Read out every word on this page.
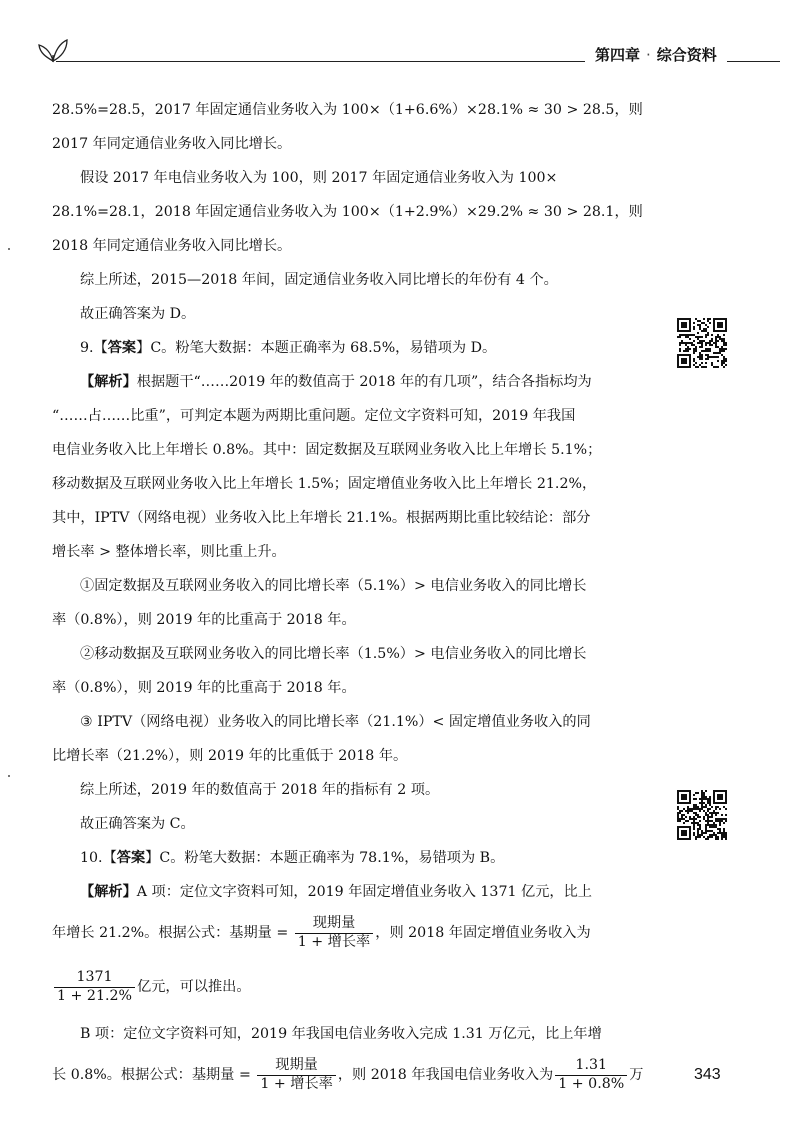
第四章 · 综合资料
28.5%=28.5，2017 年固定通信业务收入为 100×（1+6.6%）×28.1% ≈ 30 > 28.5，则
2017 年同定通信业务收入同比增长。
假设 2017 年电信业务收入为 100，则 2017 年固定通信业务收入为 100×
28.1%=28.1，2018 年固定通信业务收入为 100×（1+2.9%）×29.2% ≈ 30 > 28.1，则
2018 年同定通信业务收入同比增长。
综上所述，2015—2018 年间，固定通信业务收入同比增长的年份有 4 个。
故正确答案为 D。
9.【答案】C。粉笔大数据：本题正确率为 68.5%，易错项为 D。
【解析】根据题干“……2019 年的数值高于 2018 年的有几项”，结合各指标均为
“……占……比重”，可判定本题为两期比重问题。定位文字资料可知，2019 年我国
电信业务收入比上年增长 0.8%。其中：固定数据及互联网业务收入比上年增长 5.1%；
移动数据及互联网业务收入比上年增长 1.5%；固定增值业务收入比上年增长 21.2%，
其中，IPTV（网络电视）业务收入比上年增长 21.1%。根据两期比重比较结论：部分
增长率 > 整体增长率，则比重上升。
①固定数据及互联网业务收入的同比增长率（5.1%）> 电信业务收入的同比增长
率（0.8%），则 2019 年的比重高于 2018 年。
②移动数据及互联网业务收入的同比增长率（1.5%）> 电信业务收入的同比增长
率（0.8%），则 2019 年的比重高于 2018 年。
③ IPTV（网络电视）业务收入的同比增长率（21.1%）< 固定增值业务收入的同
比增长率（21.2%），则 2019 年的比重低于 2018 年。
综上所述，2019 年的数值高于 2018 年的指标有 2 项。
故正确答案为 C。
10.【答案】C。粉笔大数据：本题正确率为 78.1%，易错项为 B。
【解析】A 项：定位文字资料可知，2019 年固定增值业务收入 1371 亿元，比上
年增长 21.2%。根据公式：基期量 = $\frac{\text{现期量}}{\text{1 + 增长率}}$ ，则 2018 年固定增值业务收入为
$\frac{1371}{1 + 21.2\%}$ 亿元，可以推出。
B 项：定位文字资料可知，2019 年我国电信业务收入完成 1.31 万亿元，比上年增
长 0.8%。根据公式：基期量 = $\frac{\text{现期量}}{\text{1 + 增长率}}$ ，则 2018 年我国电信业务收入为 $\frac{1.31}{1 + 0.8\%}$ 万	343
